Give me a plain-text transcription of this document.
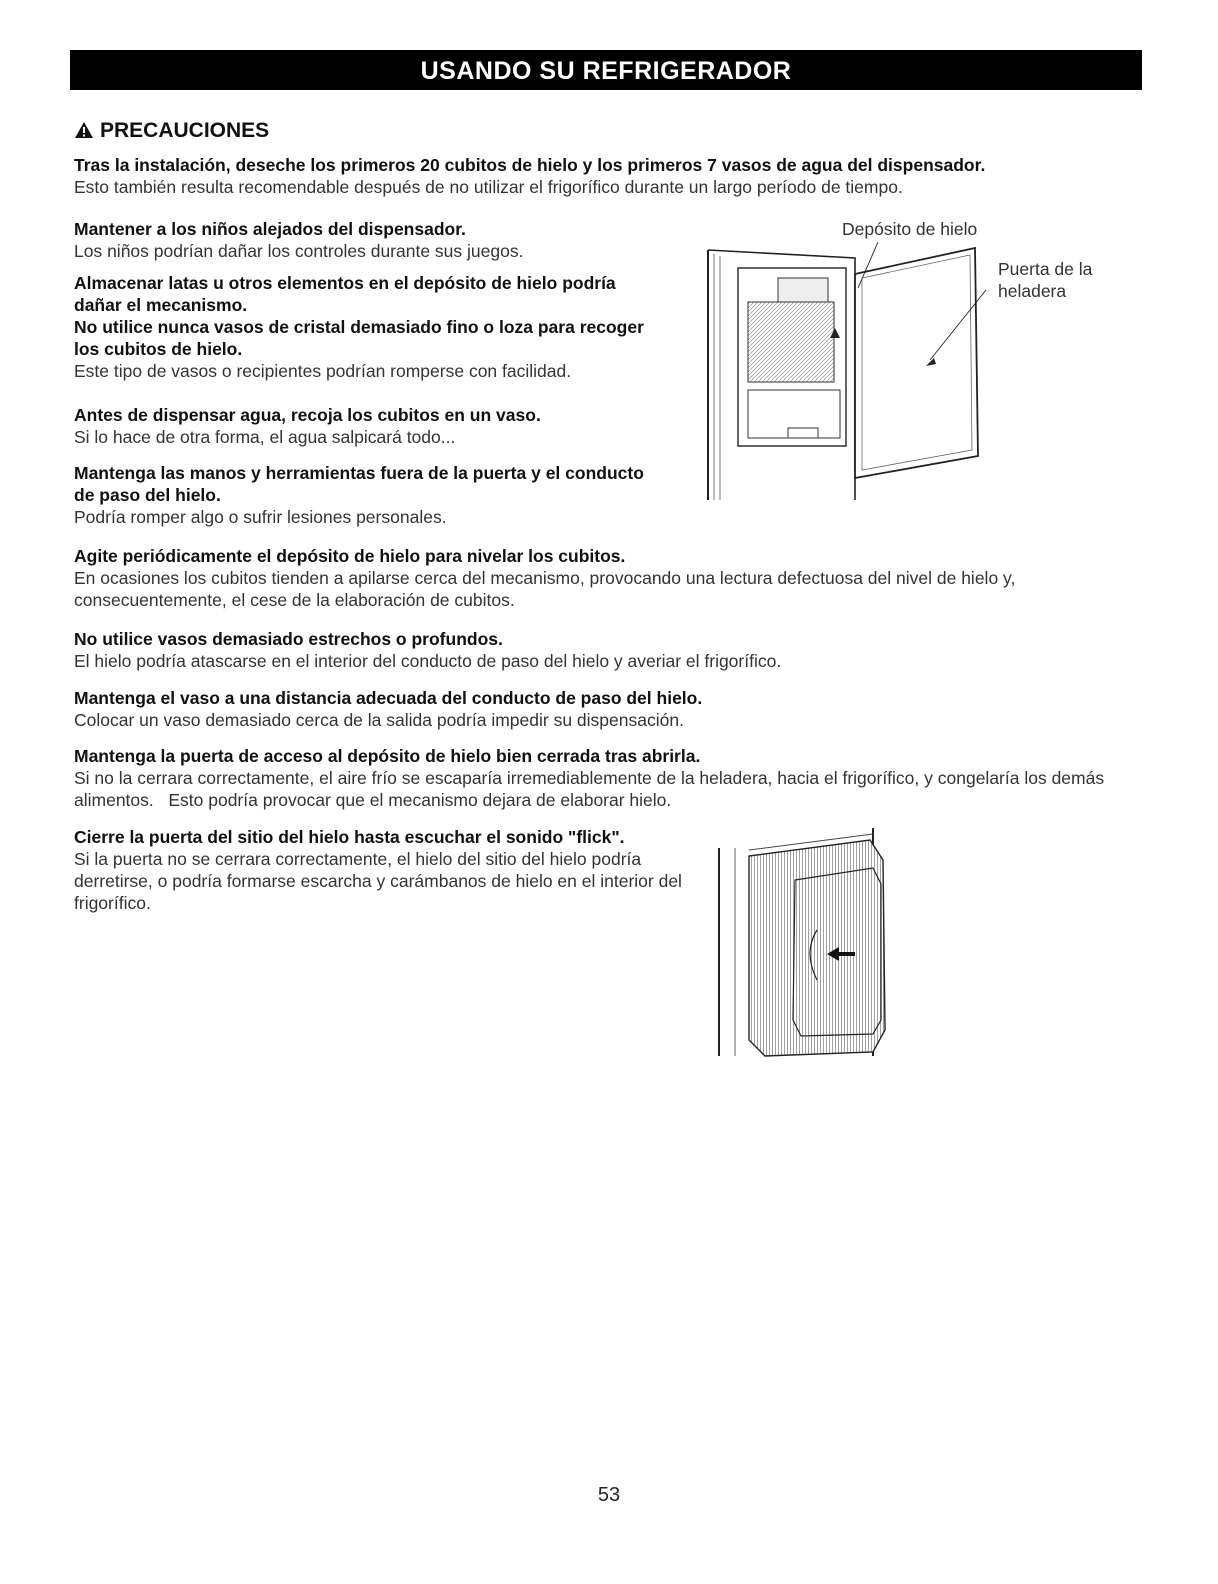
USANDO SU REFRIGERADOR
PRECAUCIONES
Tras la instalación, deseche los primeros 20 cubitos de hielo y los primeros 7 vasos de agua del dispensador.
Esto también resulta recomendable después de no utilizar el frigorífico durante un largo período de tiempo.
Mantener a los niños alejados del dispensador.
Los niños podrían dañar los controles durante sus juegos.
Almacenar latas u otros elementos en el depósito de hielo podría dañar el mecanismo.
No utilice nunca vasos de cristal demasiado fino o loza para recoger los cubitos de hielo.
Este tipo de vasos o recipientes podrían romperse con facilidad.
Antes de dispensar agua, recoja los cubitos en un vaso.
Si lo hace de otra forma, el agua salpicará todo...
Mantenga las manos y herramientas fuera de la puerta y el conducto de paso del hielo.
Podría romper algo o sufrir lesiones personales.
Agite periódicamente el depósito de hielo para nivelar los cubitos.
En ocasiones los cubitos tienden a apilarse cerca del mecanismo, provocando una lectura defectuosa del nivel de hielo y, consecuentemente, el cese de la elaboración de cubitos.
No utilice vasos demasiado estrechos o profundos.
El hielo podría atascarse en el interior del conducto de paso del hielo y averiar el frigorífico.
Mantenga el vaso a una distancia adecuada del conducto de paso del hielo.
Colocar un vaso demasiado cerca de la salida podría impedir su dispensación.
Mantenga la puerta de acceso al depósito de hielo bien cerrada tras abrirla.
Si no la cerrara correctamente, el aire frío se escaparía irremediablemente de la heladera, hacia el frigorífico, y congelaría los demás alimentos.   Esto podría provocar que el mecanismo dejara de elaborar hielo.
Cierre la puerta del sitio del hielo hasta escuchar el sonido "flick".
Si la puerta no se cerrara correctamente, el hielo del sitio del hielo podría derretirse, o podría formarse escarcha y carámbanos de hielo en el interior del frigorífico.
Depósito de hielo
Puerta de la heladera
53
